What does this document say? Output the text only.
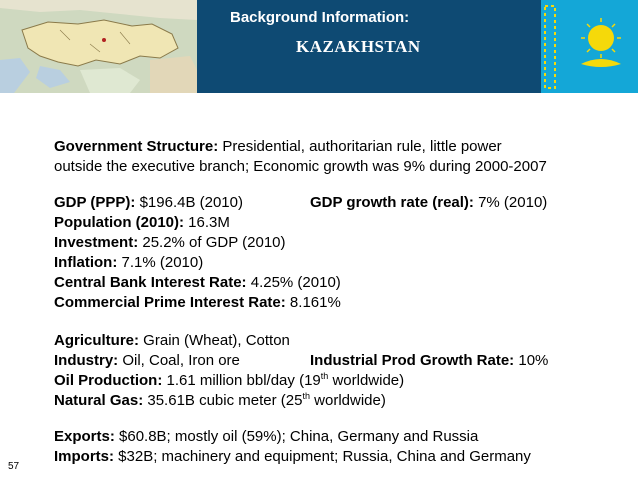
Background Information:
KAZAKHSTAN
Government Structure: Presidential, authoritarian rule, little power
outside the executive branch; Economic growth was 9% during 2000-2007
GDP (PPP): $196.4B (2010)	GDP growth rate (real): 7% (2010)
Population (2010): 16.3M
Investment: 25.2% of GDP (2010)
Inflation: 7.1% (2010)
Central Bank Interest Rate: 4.25% (2010)
Commercial Prime Interest Rate: 8.161%
Agriculture: Grain (Wheat), Cotton
Industry: Oil, Coal, Iron ore	Industrial Prod Growth Rate: 10%
Oil Production: 1.61 million bbl/day (19th worldwide)
Natural Gas: 35.61B cubic meter (25th worldwide)
Exports: $60.8B; mostly oil (59%); China, Germany and Russia
Imports: $32B; machinery and equipment; Russia, China and Germany
57
